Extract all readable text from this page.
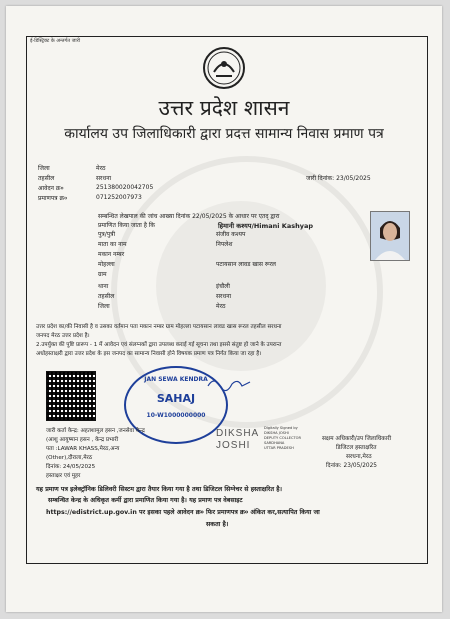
ई-डिस्ट्रिक्ट के अन्तर्गत जारी
उत्तर प्रदेश शासन
कार्यालय उप जिलाधिकारी द्वारा प्रदत्त सामान्य निवास प्रमाण पत्र
जिला	मेरठ
तहसील	सरधना
आवेदन क्र०	251380020042705
प्रमाणपत्र क्र०	071252007973
जारी दिनांक: 23/05/2025
सम्बन्धित लेखपाल की जांच आख्या दिनांक 22/05/2025 के आधार पर एतद् द्वारा
प्रमाणित किया जाता है कि	हिमानी कश्यप/Himani Kashyap
पुत्र/पुत्री	संजीव कश्यप
माता का नाम	निपलेश
मकान नम्बर
मोहल्ला	पटायसान लावड खास रूरल
ग्राम
थाना	इंचौली
तहसील	सरधना
जिला	मेरठ
उत्तर प्रदेश का/की निवासी है व उसका वर्तमान पता मकान नम्बर ग्राम मोहल्ला पटायसान लावड खास रूरल तहसील सरधना
जनपद मेरठ उत्तर प्रदेश है।
2.उपर्युक्त की पुष्टि प्रारूप - 1 में आवेदन एवं संलग्नकों द्वारा उपलब्ध कराई गई सूचना तथा इससे संतुष्ट हो जाने के उपरान्त
अधोहस्ताक्षरी द्वारा उत्तर प्रदेश के इस जनपद का सामान्य निवासी होने विषयक प्रमाण पत्र निर्गत किया जा रहा है।
JAN SEWA KENDRA
SAHAJ
10-W1000000000
जारी कर्ता केन्द्र: अहतशामुल हसन ,जनसेवा केन्द्र
(आशु आयुष्मान हसन , केन्द्र प्रभारी
पता :LAWAR KHASS,मेरठ,अन्य
(Other),दौराला,मेरठ
दिनांक: 24/05/2025
हस्ताक्षर एवं मुहर
DIKSHA
JOSHI
Digitally Signed by
DIKSHA JOSHI
DEPUTY COLLECTOR
SARDHANA
UTTAR PRADESH
सक्षम अधिकारी/उप जिलाधिकारी
डिजिटल हस्ताक्षरित
सरधना,मेरठ
दिनांक: 23/05/2025
यह प्रमाण पत्र इलेक्ट्रॉनिक डिलिवरी सिस्टम द्वारा तैयार किया गया है तथा डिजिटल सिग्नेचर से हस्ताक्षरित है।
सम्बन्धित केन्द्र के अधिकृत कर्मी द्वारा प्रमाणित किया गया है। यह प्रमाण पत्र वेबसाइट
https://edistrict.up.gov.in पर इसका पहले आवेदन क्र० फिर प्रमाणपत्र क्र० अंकित कर,सत्यापित किया जा
सकता है।
